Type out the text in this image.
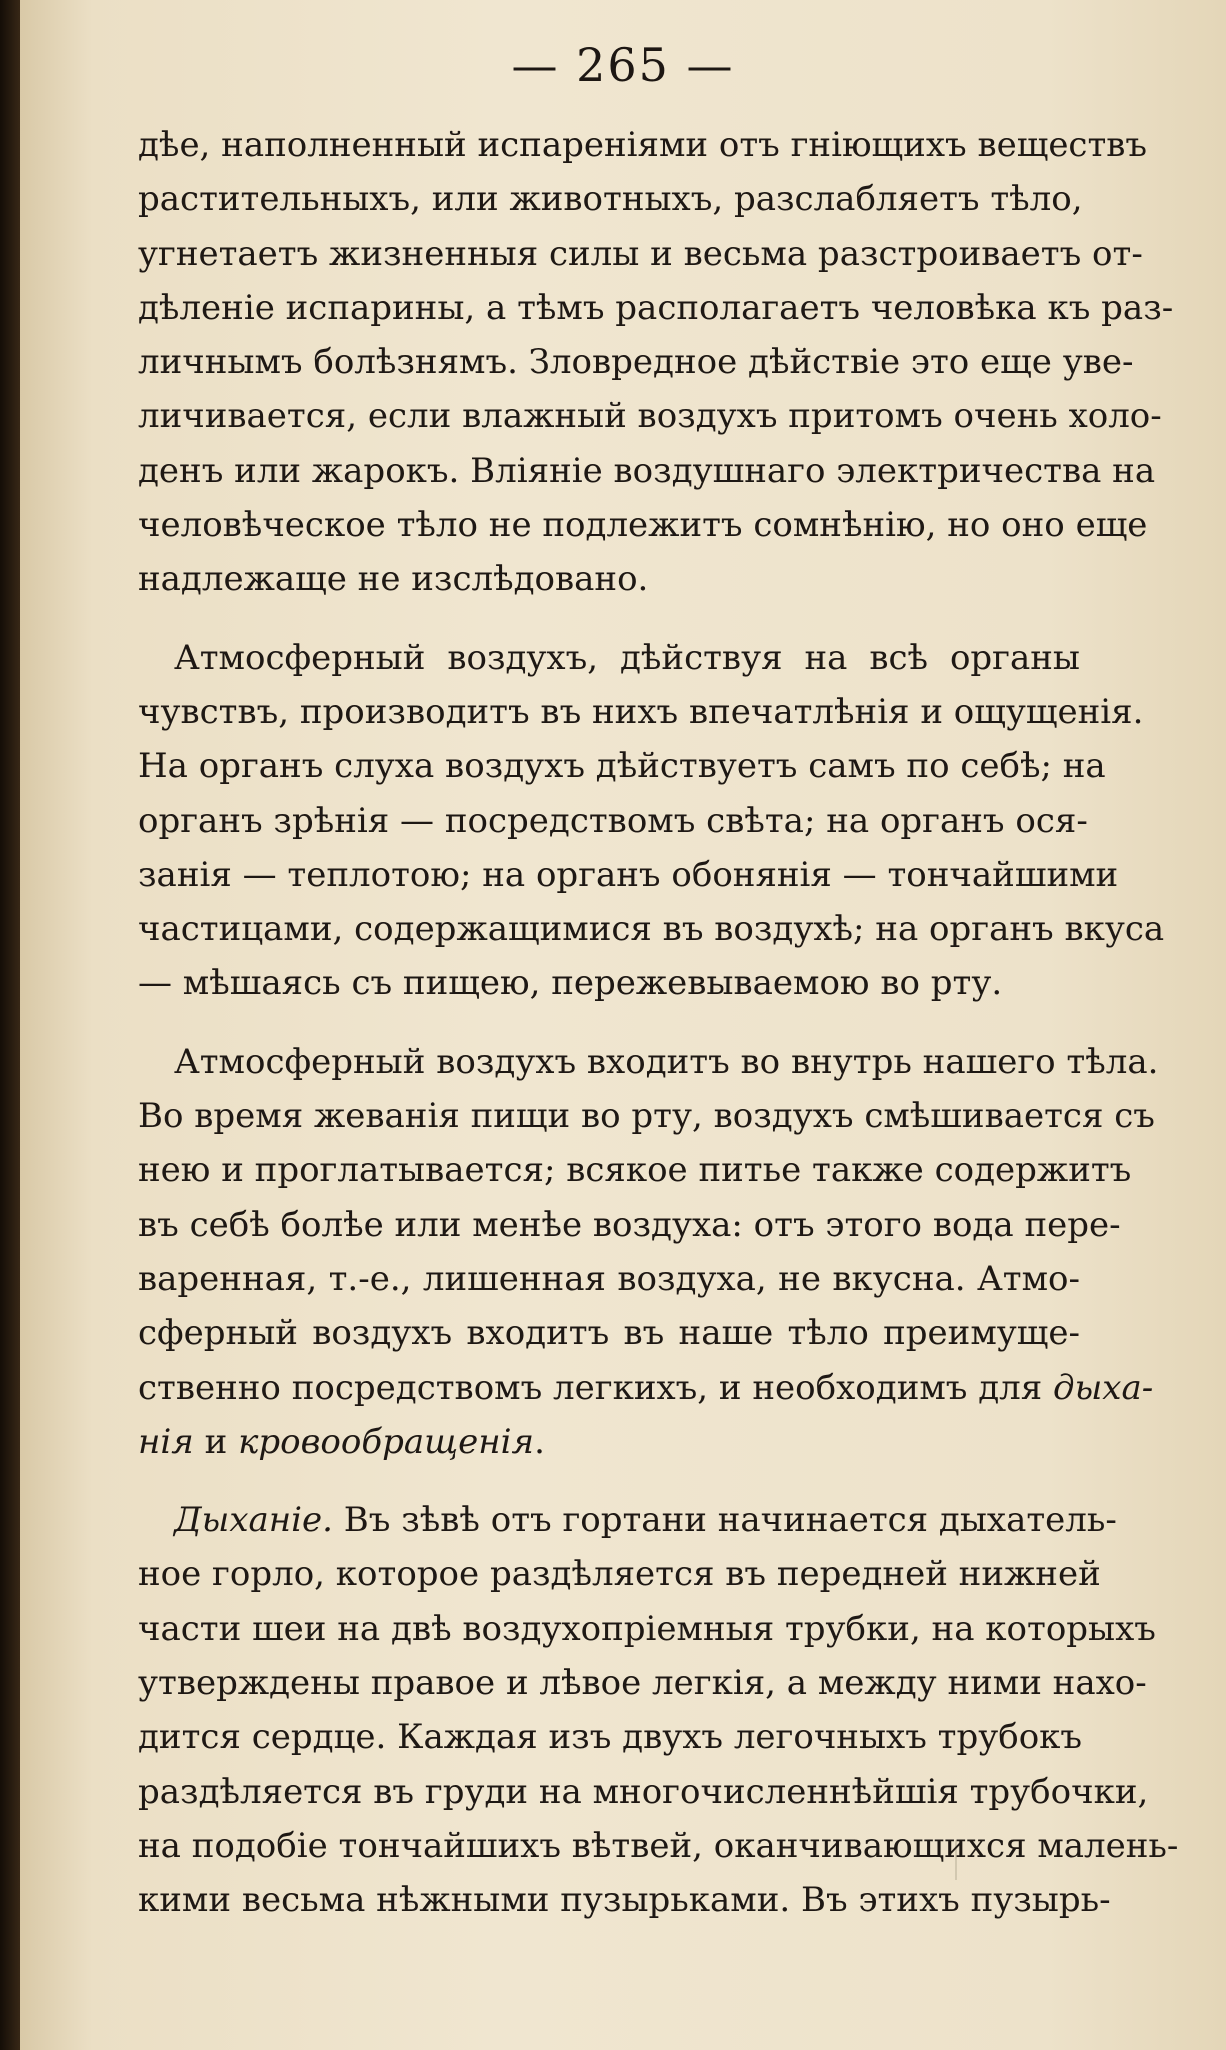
— 265 —
дѣе, наполненный испареніями отъ гніющихъ веществъ
растительныхъ, или животныхъ, разслабляетъ тѣло,
угнетаетъ жизненныя силы и весьма разстроиваетъ от-
дѣленіе испарины, а тѣмъ располагаетъ человѣка къ раз-
личнымъ болѣзнямъ. Зловредное дѣйствіе это еще уве-
личивается, если влажный воздухъ притомъ очень холо-
денъ или жарокъ. Вліяніе воздушнаго электричества на
человѣческое тѣло не подлежитъ сомнѣнію, но оно еще
надлежаще не изслѣдовано.
Атмосферный воздухъ, дѣйствуя на всѣ органы
чувствъ, производитъ въ нихъ впечатлѣнія и ощущенія.
На органъ слуха воздухъ дѣйствуетъ самъ по себѣ; на
органъ зрѣнія — посредствомъ свѣта; на органъ ося-
занія — теплотою; на органъ обонянія — тончайшими
частицами, содержащимися въ воздухѣ; на органъ вкуса
— мѣшаясь съ пищею, пережевываемою во рту.
Атмосферный воздухъ входитъ во внутрь нашего тѣла.
Во время жеванія пищи во рту, воздухъ смѣшивается съ
нею и проглатывается; всякое питье также содержитъ
въ себѣ болѣе или менѣе воздуха: отъ этого вода пере-
варенная, т.-е., лишенная воздуха, не вкусна. Атмо-
сферный воздухъ входитъ въ наше тѣло преимуще-
ственно посредствомъ легкихъ, и необходимъ для дыха-
нія и кровообращенія.
Дыханіе. Въ зѣвѣ отъ гортани начинается дыхатель-
ное горло, которое раздѣляется въ передней нижней
части шеи на двѣ воздухопріемныя трубки, на которыхъ
утверждены правое и лѣвое легкія, а между ними нахо-
дится сердце. Каждая изъ двухъ легочныхъ трубокъ
раздѣляется въ груди на многочисленнѣйшія трубочки,
на подобіе тончайшихъ вѣтвей, оканчивающихся малень-
кими весьма нѣжными пузырьками. Въ этихъ пузырь-
